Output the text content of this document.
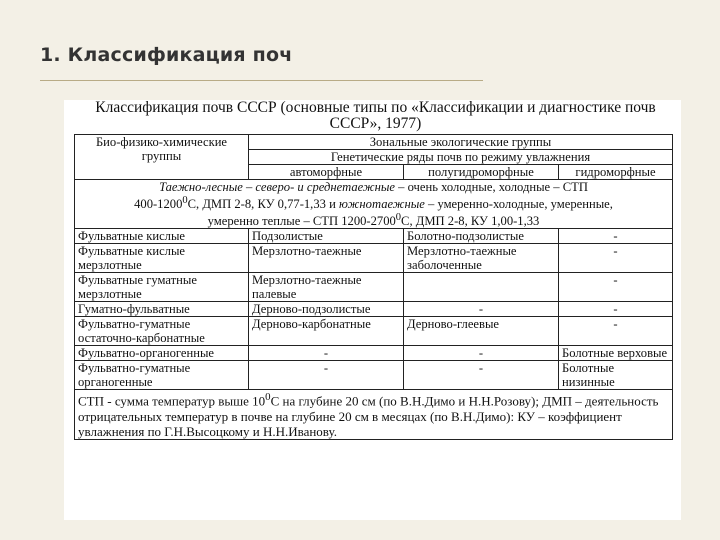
1. Классификация поч
Классификация почв СССР (основные типы по «Классификации и диагностике почв СССР», 1977)
Био-физико-химические группы	Зональные экологические группы		
	Генетические ряды почв по режиму увлажнения		
	автоморфные	полугидроморфные	гидроморфные

Таежно-лесные – северо- и среднетаежные – очень холодные, холодные – СТП
400-1200$^0$С, ДМП 2-8, КУ 0,77-1,33 и южнотаежные – умеренно-холодные, умеренные,
умеренно теплые – СТП 1200-2700$^0$С, ДМП 2-8, КУ 1,00-1,33			

Фульватные кислые	Подзолистые	Болотно-подзолистые	-
Фульватные кислые мерзлотные	Мерзлотно-таежные	Мерзлотно-таежные заболоченные	-
Фульватные гуматные мерзлотные	Мерзлотно-таежные палевые		-
Гуматно-фульватные	Дерново-подзолистые	-	-
Фульватно-гуматные остаточно-карбонатные	Дерново-карбонатные	Дерново-глеевые	-
Фульватно-органогенные	-	-	Болотные верховые
Фульватно-гуматные органогенные	-	-	Болотные низинные
СТП - сумма температур выше $10^0С$ на глубине 20 см (по В.Н.Димо и Н.Н.Розову); ДМП – деятельность отрицательных температур в почве на глубине 20 см в месяцах (по В.Н.Димо): КУ – коэффициент увлажнения по Г.Н.Высоцкому и Н.Н.Иванову.			
